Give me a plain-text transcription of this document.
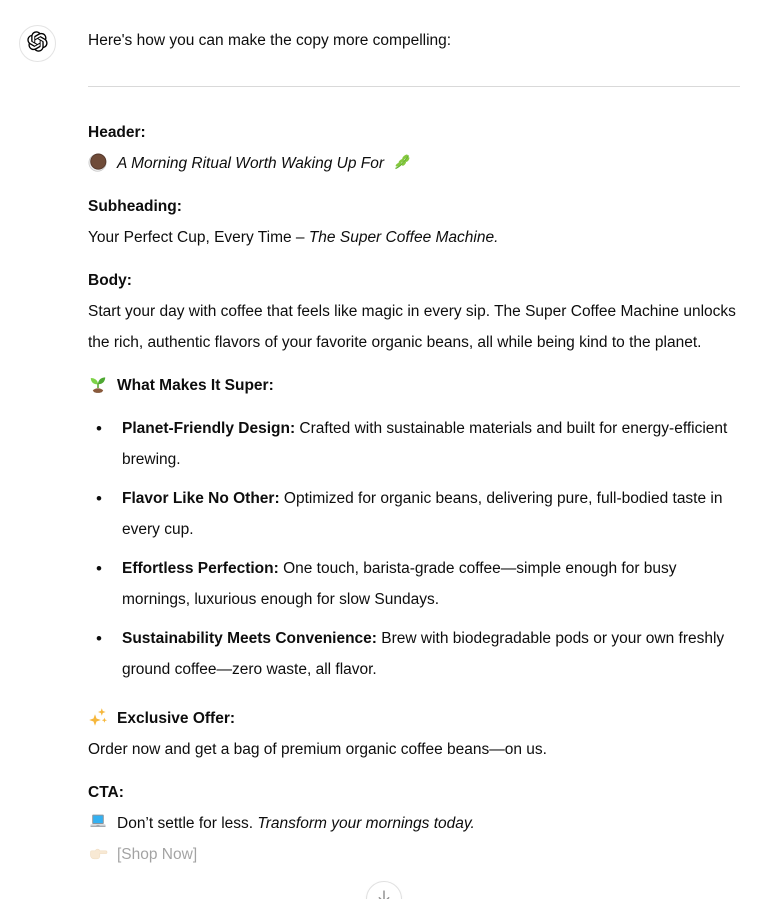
Here's how you can make the copy more compelling:
Header:
A Morning Ritual Worth Waking Up For
Subheading:
Your Perfect Cup, Every Time – The Super Coffee Machine.
Body:
Start your day with coffee that feels like magic in every sip. The Super Coffee Machine unlocks the rich, authentic flavors of your favorite organic beans, all while being kind to the planet.
What Makes It Super:
• Planet-Friendly Design: Crafted with sustainable materials and built for energy-efficient brewing.
• Flavor Like No Other: Optimized for organic beans, delivering pure, full-bodied taste in every cup.
• Effortless Perfection: One touch, barista-grade coffee—simple enough for busy mornings, luxurious enough for slow Sundays.
• Sustainability Meets Convenience: Brew with biodegradable pods or your own freshly ground coffee—zero waste, all flavor.
Exclusive Offer:
Order now and get a bag of premium organic coffee beans—on us.
CTA:
Don’t settle for less. Transform your mornings today.
[Shop Now]
